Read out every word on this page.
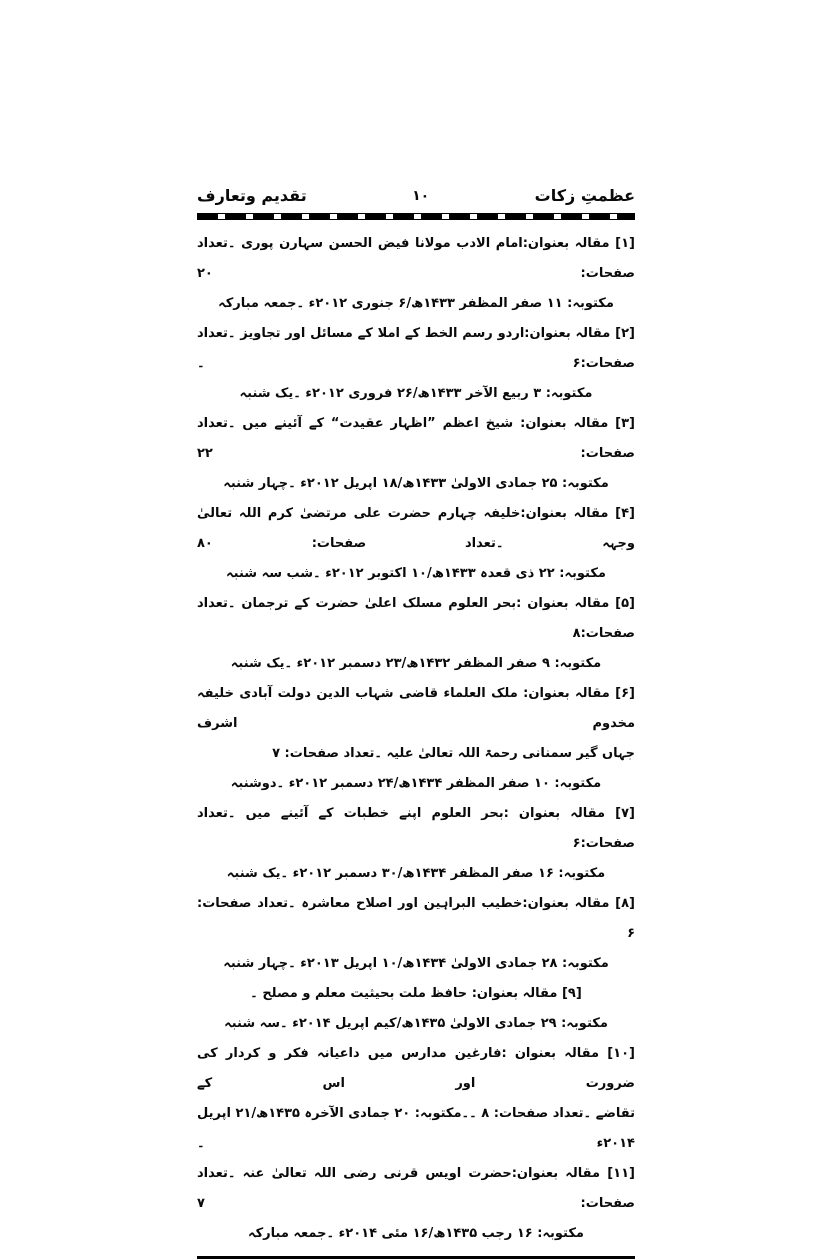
عظمتِ زکات
۱۰
تقدیم وتعارف
[۱] مقالہ بعنوان:امام الادب مولانا فیض الحسن سہارن پوری ۔تعداد صفحات: ۲۰
مکتوبہ: ۱۱ صفر المظفر ۱۴۳۳ھ/۶ جنوری ۲۰۱۲ء ۔جمعہ مبارکہ
[۲] مقالہ بعنوان:اردو رسم الخط کے املا کے مسائل اور تجاویز ۔تعداد صفحات:۶ ۔
مکتوبہ: ۳ ربیع الآخر ۱۴۳۳ھ/۲۶ فروری ۲۰۱۲ء ۔یک شنبہ
[۳] مقالہ بعنوان: شیخ اعظم ”اظہار عقیدت“ کے آئینے میں ۔تعداد صفحات: ۲۲
مکتوبہ: ۲۵ جمادی الاولیٰ ۱۴۳۳ھ/۱۸ اپریل ۲۰۱۲ء ۔چہار شنبہ
[۴] مقالہ بعنوان:خلیفہ چہارم حضرت علی مرتضیٰ کرم اللہ تعالیٰ وجہہ ۔تعداد صفحات: ۸۰
مکتوبہ: ۲۲ ذی قعدہ ۱۴۳۳ھ/۱۰ اکتوبر ۲۰۱۲ء ۔شب سہ شنبہ
[۵] مقالہ بعنوان :بحر العلوم مسلک اعلیٰ حضرت کے ترجمان ۔تعداد صفحات:۸
مکتوبہ: ۹ صفر المظفر ۱۴۳۲ھ/۲۳ دسمبر ۲۰۱۲ء ۔یک شنبہ
[۶] مقالہ بعنوان: ملک العلماء قاضی شہاب الدین دولت آبادی خلیفہ مخدوم اشرف
جہاں گیر سمنانی رحمۃ اللہ تعالیٰ علیہ ۔تعداد صفحات: ۷
مکتوبہ: ۱۰ صفر المظفر ۱۴۳۴ھ/۲۴ دسمبر ۲۰۱۲ء ۔دوشنبہ
[۷] مقالہ بعنوان :بحر العلوم اپنے خطبات کے آئینے میں ۔تعداد صفحات:۶
مکتوبہ: ۱۶ صفر المظفر ۱۴۳۴ھ/۳۰ دسمبر ۲۰۱۲ء ۔یک شنبہ
[۸] مقالہ بعنوان:خطیب البراہین اور اصلاح معاشرہ ۔تعداد صفحات: ۶
مکتوبہ: ۲۸ جمادی الاولیٰ ۱۴۳۴ھ/۱۰ اپریل ۲۰۱۳ء ۔چہار شنبہ
[۹] مقالہ بعنوان: حافظ ملت بحیثیت معلم و مصلح ۔
مکتوبہ: ۲۹ جمادی الاولیٰ ۱۴۳۵ھ/کیم اپریل ۲۰۱۴ء ۔سہ شنبہ
[۱۰] مقالہ بعنوان :فارغین مدارس میں داعیانہ فکر و کردار کی ضرورت اور اس کے
تقاضے ۔تعداد صفحات: ۸ ۔۔مکتوبہ: ۲۰ جمادی الآخرہ ۱۴۳۵ھ/۲۱ اپریل ۲۰۱۴ء ۔
[۱۱] مقالہ بعنوان:حضرت اویس قرنی رضی اللہ تعالیٰ عنہ ۔تعداد صفحات: ۷
مکتوبہ: ۱۶ رجب ۱۴۳۵ھ/۱۶ مئی ۲۰۱۴ء ۔جمعہ مبارکہ
